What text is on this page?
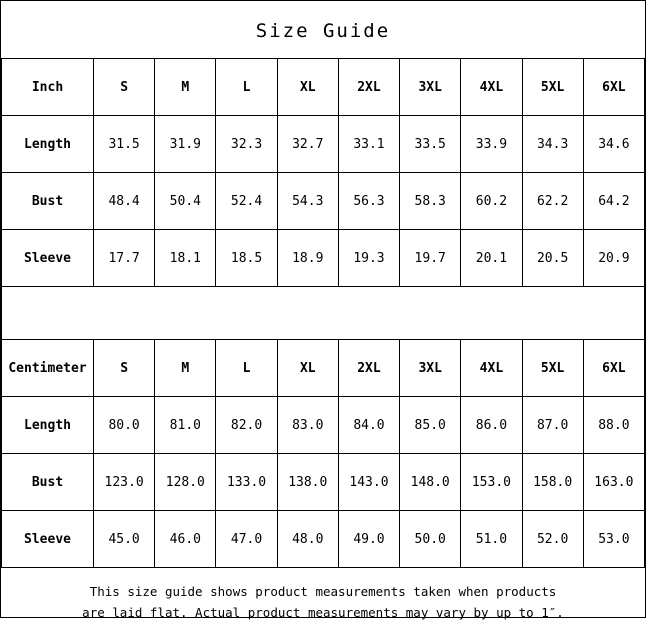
Size Guide
Inch	S	M	L	XL	2XL	3XL	4XL	5XL	6XL
Length	31.5	31.9	32.3	32.7	33.1	33.5	33.9	34.3	34.6
Bust	48.4	50.4	52.4	54.3	56.3	58.3	60.2	62.2	64.2
Sleeve	17.7	18.1	18.5	18.9	19.3	19.7	20.1	20.5	20.9
Centimeter	S	M	L	XL	2XL	3XL	4XL	5XL	6XL
Length	80.0	81.0	82.0	83.0	84.0	85.0	86.0	87.0	88.0
Bust	123.0	128.0	133.0	138.0	143.0	148.0	153.0	158.0	163.0
Sleeve	45.0	46.0	47.0	48.0	49.0	50.0	51.0	52.0	53.0
This size guide shows product measurements taken when products
are laid flat. Actual product measurements may vary by up to 1″.
